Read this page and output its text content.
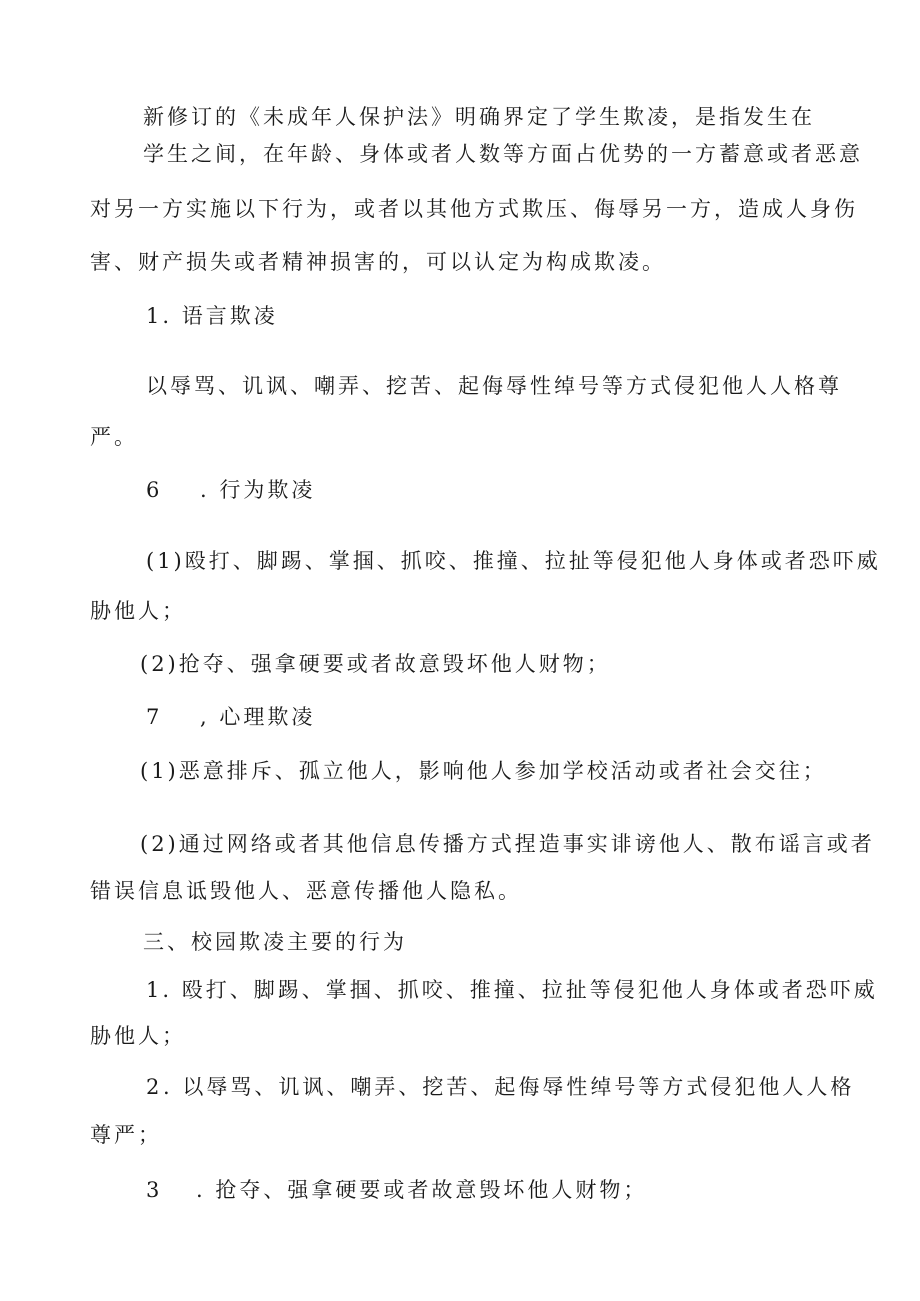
新修订的《未成年人保护法》明确界定了学生欺凌，是指发生在
学生之间，在年龄、身体或者人数等方面占优势的一方蓄意或者恶意
对另一方实施以下行为，或者以其他方式欺压、侮辱另一方，造成人身伤
害、财产损失或者精神损害的，可以认定为构成欺凌。
1. 语言欺凌
以辱骂、讥讽、嘲弄、挖苦、起侮辱性绰号等方式侵犯他人人格尊
严。
6 . 行为欺凌
(1)殴打、脚踢、掌掴、抓咬、推撞、拉扯等侵犯他人身体或者恐吓威
胁他人；
(2)抢夺、强拿硬要或者故意毁坏他人财物；
7 , 心理欺凌
(1)恶意排斥、孤立他人，影响他人参加学校活动或者社会交往；
(2)通过网络或者其他信息传播方式捏造事实诽谤他人、散布谣言或者
错误信息诋毁他人、恶意传播他人隐私。
三、校园欺凌主要的行为
1. 殴打、脚踢、掌掴、抓咬、推撞、拉扯等侵犯他人身体或者恐吓威
胁他人；
2 . 以辱骂、讥讽、嘲弄、挖苦、起侮辱性绰号等方式侵犯他人人格
尊严；
3 . 抢夺、强拿硬要或者故意毁坏他人财物；
